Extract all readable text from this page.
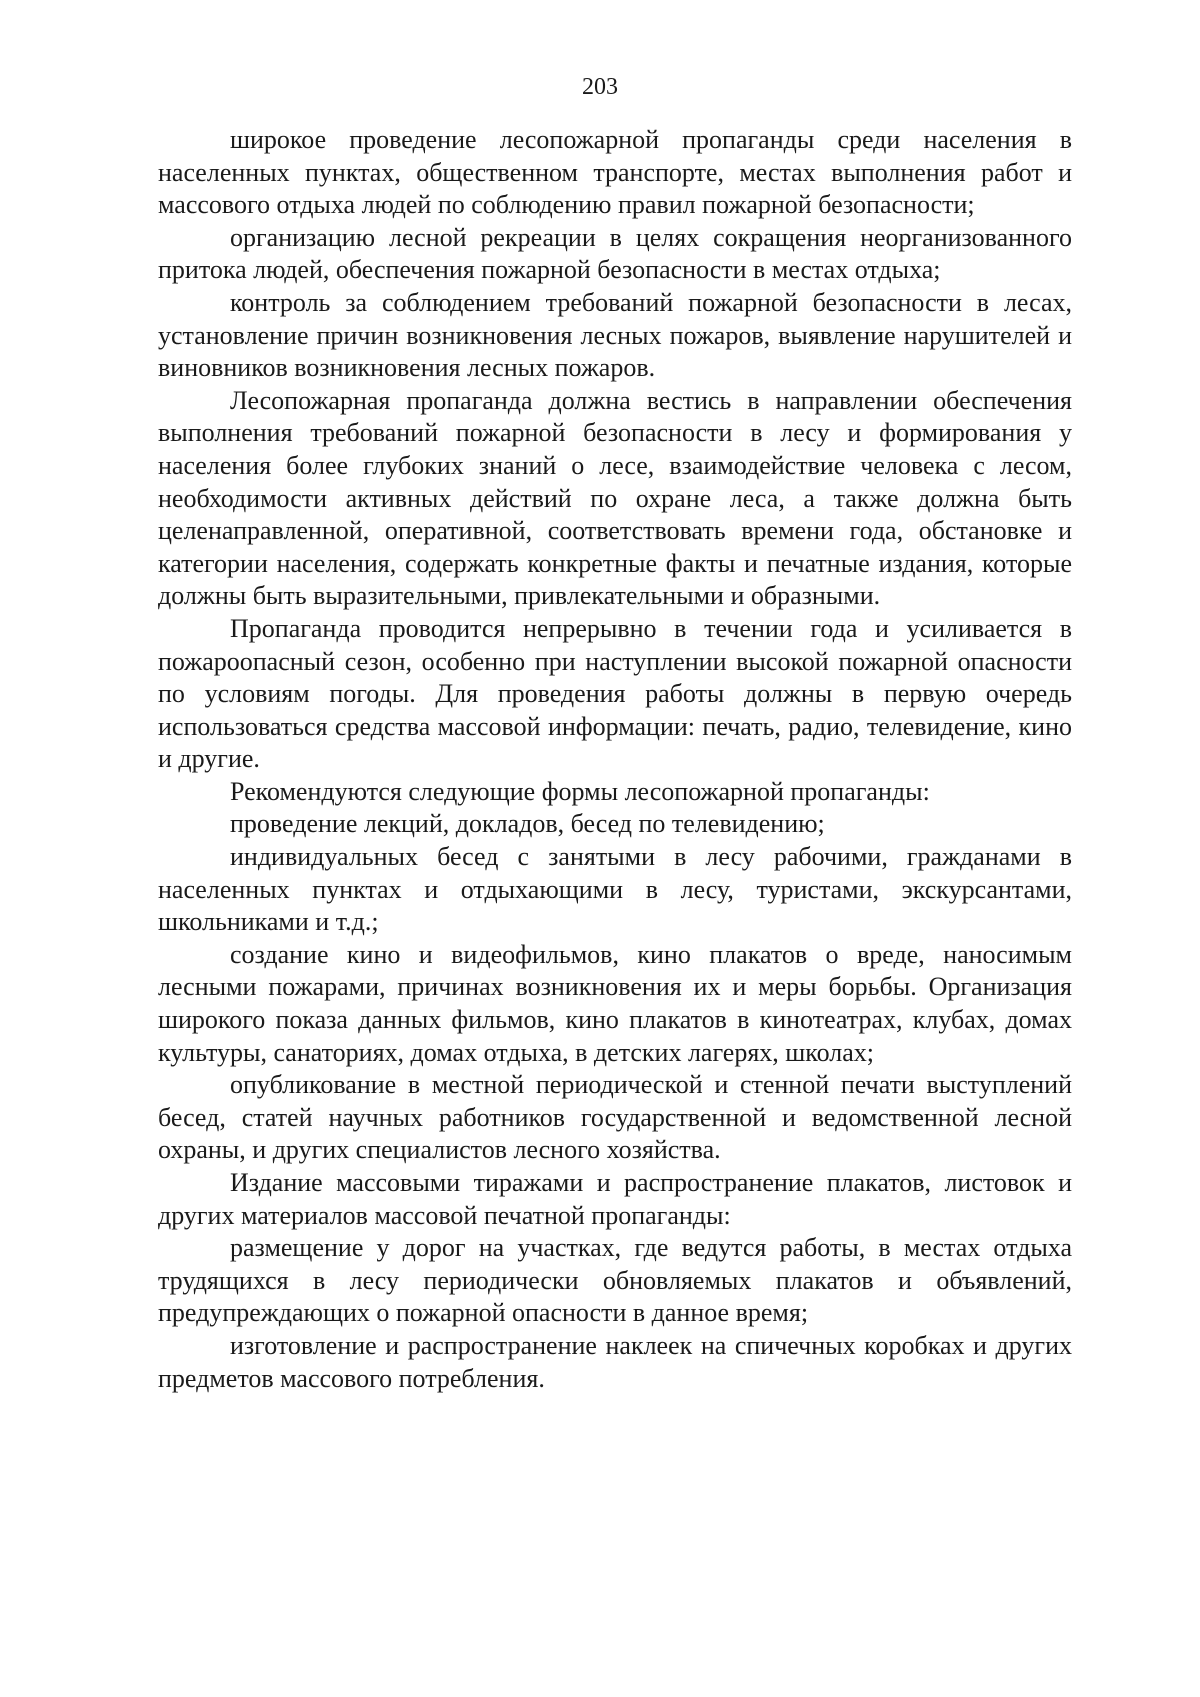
203

широкое проведение лесопожарной пропаганды среди населения в населенных пунктах, общественном транспорте, местах выполнения работ и массового отдыха людей по соблюдению правил пожарной безопасности;

организацию лесной рекреации в целях сокращения неорганизованного притока людей, обеспечения пожарной безопасности в местах отдыха;

контроль за соблюдением требований пожарной безопасности в лесах, установление причин возникновения лесных пожаров, выявление нарушителей и виновников возникновения лесных пожаров.

Лесопожарная пропаганда должна вестись в направлении обеспечения выполнения требований пожарной безопасности в лесу и формирования у населения более глубоких знаний о лесе, взаимодействие человека с лесом, необходимости активных действий по охране леса, а также должна быть целенаправленной, оперативной, соответствовать времени года, обстановке и категории населения, содержать конкретные факты и печатные издания, которые должны быть выразительными, привлекательными и образными.

Пропаганда проводится непрерывно в течении года и усиливается в пожароопасный сезон, особенно при наступлении высокой пожарной опасности по условиям погоды. Для проведения работы должны в первую очередь использоваться средства массовой информации: печать, радио, телевидение, кино и другие.

Рекомендуются следующие формы лесопожарной пропаганды:

проведение лекций, докладов, бесед по телевидению;

индивидуальных бесед с занятыми в лесу рабочими, гражданами в населенных пунктах и отдыхающими в лесу, туристами, экскурсантами, школьниками и т.д.;

создание кино и видеофильмов, кино плакатов о вреде, наносимым лесными пожарами, причинах возникновения их и меры борьбы. Организация широкого показа данных фильмов, кино плакатов в кинотеатрах, клубах, домах культуры, санаториях, домах отдыха, в детских лагерях, школах;

опубликование в местной периодической и стенной печати выступлений бесед, статей научных работников государственной и ведомственной лесной охраны, и других специалистов лесного хозяйства.

Издание массовыми тиражами и распространение плакатов, листовок и других материалов массовой печатной пропаганды:

размещение у дорог на участках, где ведутся работы, в местах отдыха трудящихся в лесу периодически обновляемых плакатов и объявлений, предупреждающих о пожарной опасности в данное время;

изготовление и распространение наклеек на спичечных коробках и других предметов массового потребления.
